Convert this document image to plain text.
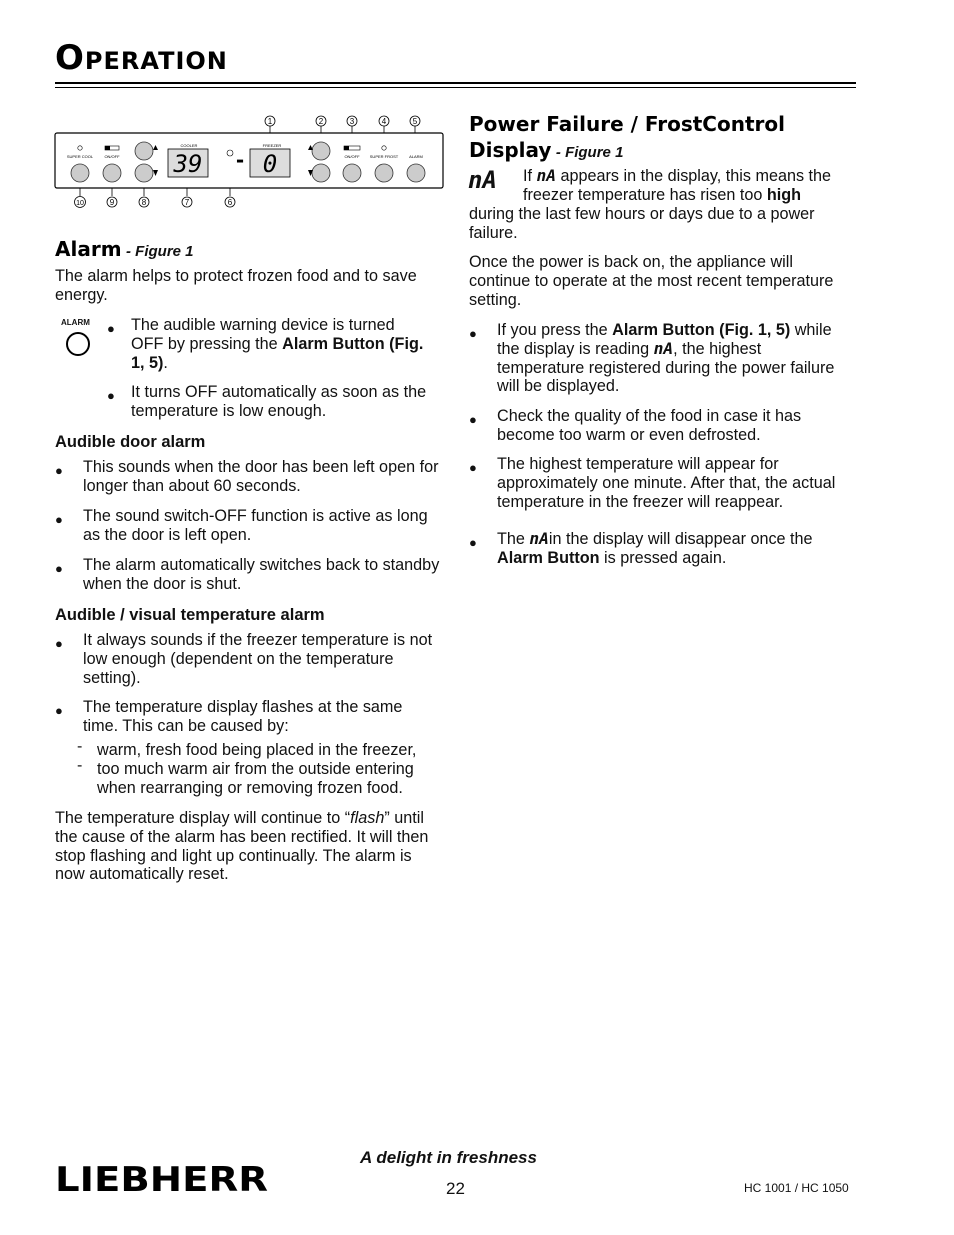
OPERATION
1	2	3	4	5
10	9	8	7	6
SUPER COOL	ON/OFF
COOLER	FREEZER
ON/OFF	SUPER FROST	ALARM
39	0
-
Alarm - Figure 1
The alarm helps to protect frozen food and to save energy.
ALARM ● The audible warning device is turned OFF by pressing the Alarm Button (Fig. 1, 5).
● It turns OFF automatically as soon as the temperature is low enough.
Audible door alarm
● This sounds when the door has been left open for longer than about 60 seconds.
● The sound switch-OFF function is active as long as the door is left open.
● The alarm automatically switches back to standby when the door is shut.
Audible / visual temperature alarm
● It always sounds if the freezer temperature is not low enough (dependent on the temperature setting).
● The temperature display flashes at the same time. This can be caused by:
- warm, fresh food being placed in the freezer,
- too much warm air from the outside entering when rearranging or removing frozen food.
The temperature display will continue to “flash” until the cause of the alarm has been rectified. It will then stop flashing and light up continually. The alarm is now automatically reset.
Power Failure / FrostControl
Display - Figure 1
nA If nA appears in the display, this means the freezer temperature has risen too high
during the last few hours or days due to a power failure.
Once the power is back on, the appliance will continue to operate at the most recent temperature setting.
● If you press the Alarm Button (Fig. 1, 5) while the display is reading nA, the highest temperature registered during the power failure will be displayed.
● Check the quality of the food in case it has become too warm or even defrosted.
● The highest temperature will appear for approximately one minute. After that, the actual temperature in the freezer will reappear.
● The nAin the display will disappear once the Alarm Button is pressed again.
LIEBHERR
A delight in freshness
22	HC 1001 / HC 1050
